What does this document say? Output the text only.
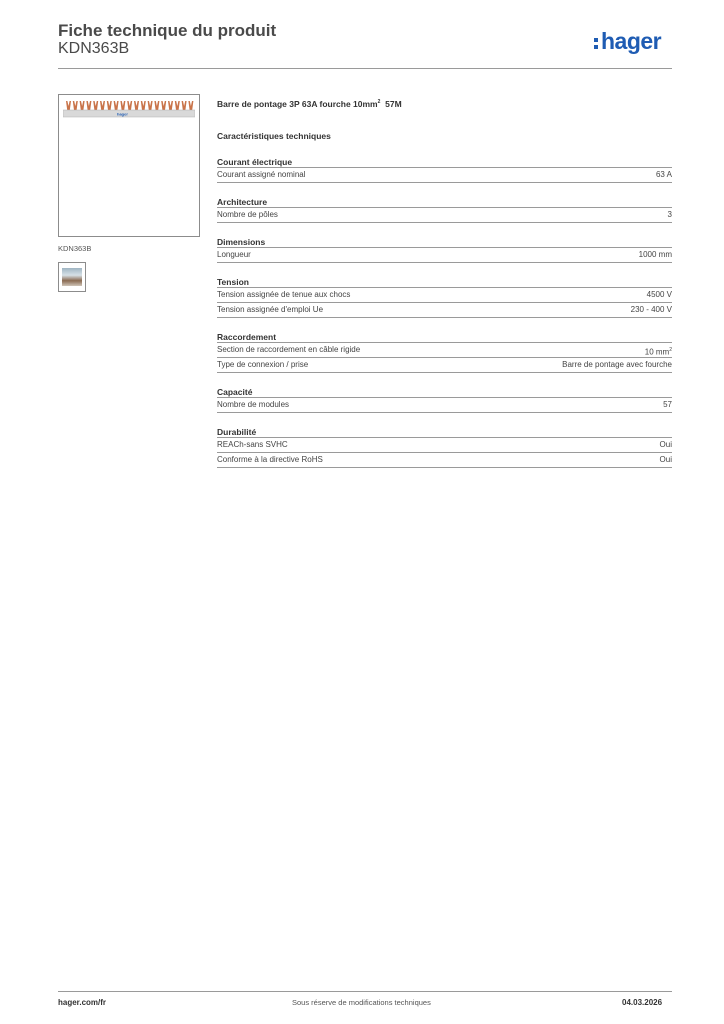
Fiche technique du produit
KDN363B	hager
hager
KDN363B
Barre de pontage 3P 63A fourche $10mm^2$ 57M
Caractéristiques techniques
Courant électrique
Courant assigné nominal	63 A
Architecture
Nombre de pôles	3
Dimensions
Longueur	1000 mm
Tension
Tension assignée de tenue aux chocs	4500 V
Tension assignée d'emploi Ue	230 - 400 V
Raccordement
Section de raccordement en câble rigide	10 $mm^2$
Type de connexion / prise	Barre de pontage avec fourche
Capacité
Nombre de modules	57
Durabilité
REACh-sans SVHC	Oui
Conforme à la directive RoHS	Oui
hager.com/fr	Sous réserve de modifications techniques	04.03.2026
